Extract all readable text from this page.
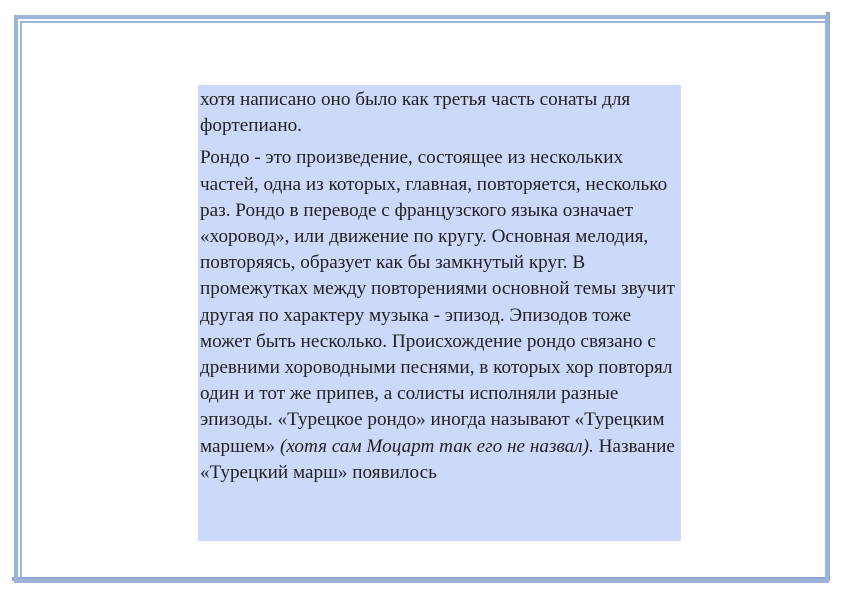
хотя написано оно было как третья часть сонаты для фортепиано.

Рондо - это произведение, состоящее из нескольких частей, одна из которых, главная, повторяется, несколько раз. Рондо в переводе с французского языка означает «хоровод», или движение по кругу. Основная мелодия, повторяясь, образует как бы замкнутый круг. В промежутках между повторениями основной темы звучит другая по характеру музыка - эпизод. Эпизодов тоже может быть несколько. Происхождение рондо связано с древними хороводными песнями, в которых хор повторял один и тот же припев, а солисты исполняли разные эпизоды. «Турецкое рондо» иногда называют «Турецким маршем» (хотя сам Моцарт так его не назвал). Название «Турецкий марш» появилось
